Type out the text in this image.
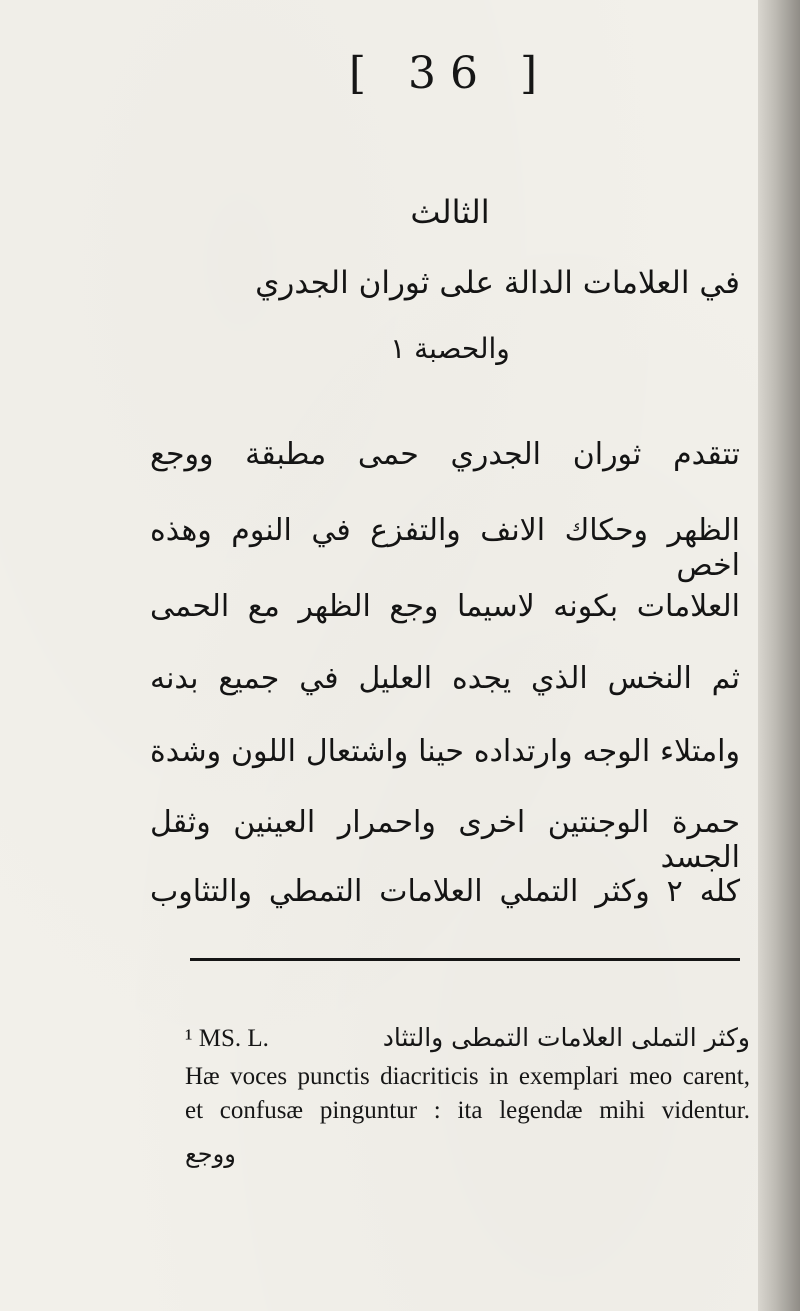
[ 36 ]
الثالث
في العلامات الدالة على ثوران الجدري
والحصبة ١
تتقدم ثوران الجدري حمى مطبقة ووجع
الظهر وحكاك الانف والتفزع في النوم وهذه اخص
العلامات بكونه لاسيما وجع الظهر مع الحمى
ثم النخس الذي يجده العليل في جميع بدنه
وامتلاء الوجه وارتداده حينا واشتعال اللون وشدة
حمرة الوجنتين اخرى واحمرار العينين وثقل الجسد
كله ٢ وكثر التملي العلامات التمطي والتثاوب
¹ MS. L.	وكثر التملى العلامات التمطى والتثاد
Hæ voces punctis diacriticis in exemplari meo carent,
et confusæ pinguntur : ita legendæ mihi videntur.
ووجع
